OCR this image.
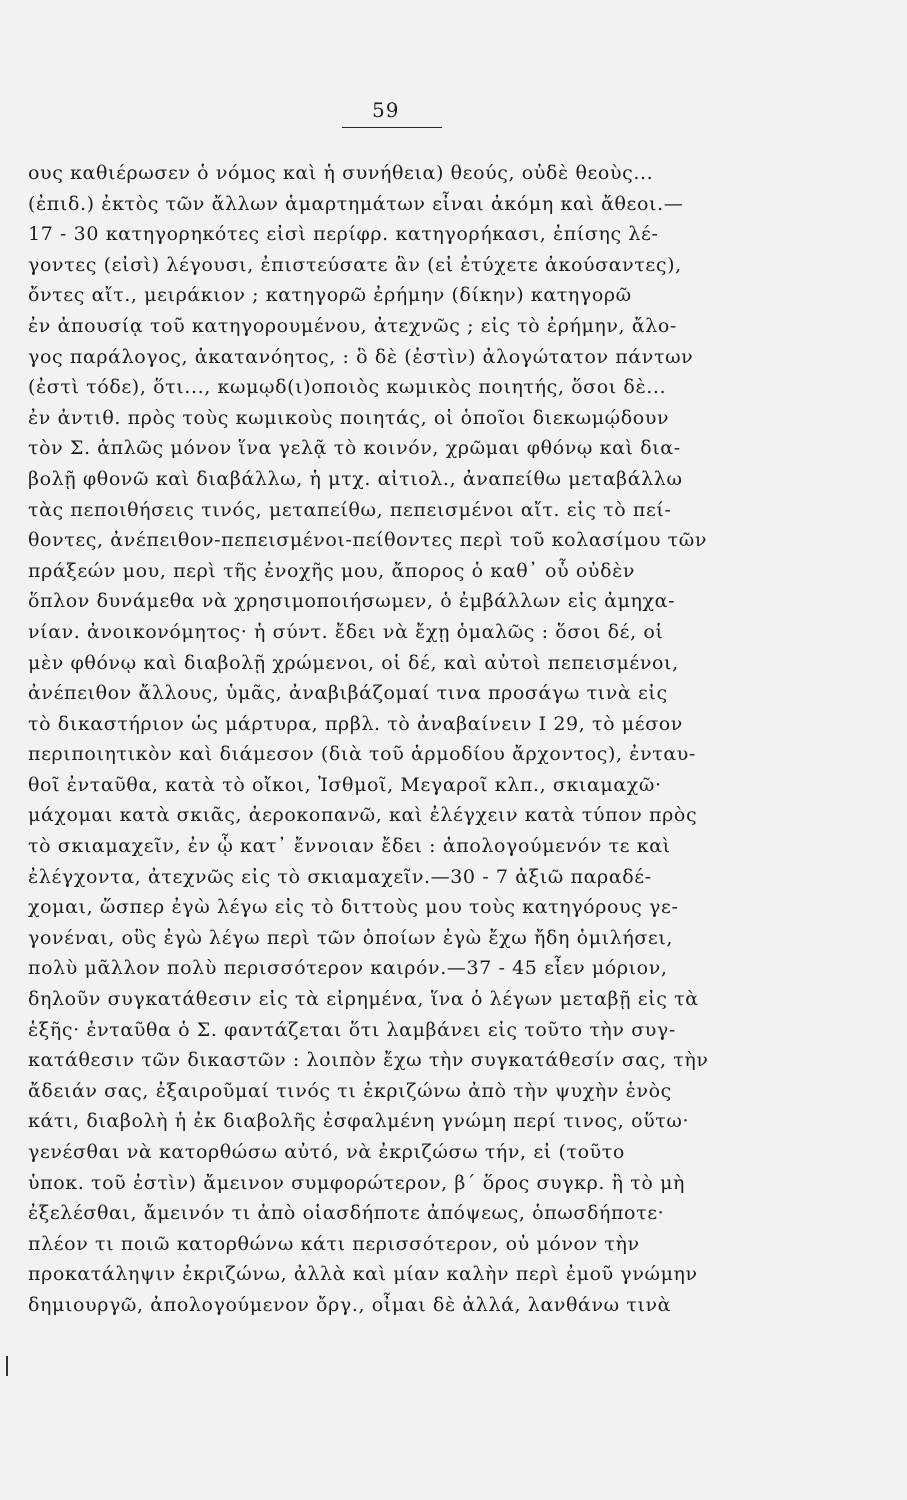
59
ους καθιέρωσεν ὁ νόμος καὶ ἡ συνήθεια) θεούς, οὐδὲ θεοὺς...
(ἐπιδ.) ἐκτὸς τῶν ἄλλων ἁμαρτημάτων εἶναι ἀκόμη καὶ ἄθεοι.—
17 - 30 κατηγορηκότες εἰσὶ περίφρ. κατηγορήκασι, ἐπίσης λέ-
γοντες (εἰσὶ) λέγουσι, ἐπιστεύσατε ἂν (εἰ ἐτύχετε ἀκούσαντες),
ὄντες αἴτ., μειράκιον ; κατηγορῶ ἐρήμην (δίκην) κατηγορῶ
ἐν ἀπουσίᾳ τοῦ κατηγορουμένου, ἀτεχνῶς ; εἰς τὸ ἐρήμην, ἄλο-
γος παράλογος, ἀκατανόητος, : ὃ δὲ (ἐστὶν) ἀλογώτατον πάντων
(ἐστὶ τόδε), ὅτι..., κωμῳδ(ι)οποιὸς κωμικὸς ποιητής, ὅσοι δὲ...
ἐν ἀντιθ. πρὸς τοὺς κωμικοὺς ποιητάς, οἱ ὁποῖοι διεκωμῴδουν
τὸν Σ. ἁπλῶς μόνον ἵνα γελᾷ τὸ κοινόν, χρῶμαι φθόνῳ καὶ δια-
βολῇ φθονῶ καὶ διαβάλλω, ἡ μτχ. αἰτιολ., ἀναπείθω μεταβάλλω
τὰς πεποιθήσεις τινός, μεταπείθω, πεπεισμένοι αἴτ. εἰς τὸ πεί-
θοντες, ἀνέπειθον-πεπεισμένοι-πείθοντες περὶ τοῦ κολασίμου τῶν
πράξεών μου, περὶ τῆς ἐνοχῆς μου, ἄπορος ὁ καθ᾽ οὗ οὐδὲν
ὅπλον δυνάμεθα νὰ χρησιμοποιήσωμεν, ὁ ἐμβάλλων εἰς ἀμηχα-
νίαν. ἀνοικονόμητος· ἡ σύντ. ἔδει νὰ ἔχῃ ὁμαλῶς : ὅσοι δέ, οἱ
μὲν φθόνῳ καὶ διαβολῇ χρώμενοι, οἱ δέ, καὶ αὐτοὶ πεπεισμένοι,
ἀνέπειθον ἄλλους, ὑμᾶς, ἀναβιβάζομαί τινα προσάγω τινὰ εἰς
τὸ δικαστήριον ὡς μάρτυρα, πρβλ. τὸ ἀναβαίνειν Ι 29, τὸ μέσον
περιποιητικὸν καὶ διάμεσον (διὰ τοῦ ἁρμοδίου ἄρχοντος), ἐνταυ-
θοῖ ἐνταῦθα, κατὰ τὸ οἴκοι, Ἰσθμοῖ, Μεγαροῖ κλπ., σκιαμαχῶ·
μάχομαι κατὰ σκιᾶς, ἀεροκοπανῶ, καὶ ἐλέγχειν κατὰ τύπον πρὸς
τὸ σκιαμαχεῖν, ἐν ᾧ κατ᾽ ἔννοιαν ἔδει : ἀπολογούμενόν τε καὶ
ἐλέγχοντα, ἀτεχνῶς εἰς τὸ σκιαμαχεῖν.—30 - 7 ἀξιῶ παραδέ-
χομαι, ὥσπερ ἐγὼ λέγω εἰς τὸ διττοὺς μου τοὺς κατηγόρους γε-
γονέναι, οὓς ἐγὼ λέγω περὶ τῶν ὁποίων ἐγὼ ἔχω ἤδη ὁμιλήσει,
πολὺ μᾶλλον πολὺ περισσότερον καιρόν.—37 - 45 εἶεν μόριον,
δηλοῦν συγκατάθεσιν εἰς τὰ εἰρημένα, ἵνα ὁ λέγων μεταβῇ εἰς τὰ
ἑξῆς· ἐνταῦθα ὁ Σ. φαντάζεται ὅτι λαμβάνει εἰς τοῦτο τὴν συγ-
κατάθεσιν τῶν δικαστῶν : λοιπὸν ἔχω τὴν συγκατάθεσίν σας, τὴν
ἄδειάν σας, ἐξαιροῦμαί τινός τι ἐκριζώνω ἀπὸ τὴν ψυχὴν ἑνὸς
κάτι, διαβολὴ ἡ ἐκ διαβολῆς ἐσφαλμένη γνώμη περί τινος, οὕτω·
γενέσθαι νὰ κατορθώσω αὐτό, νὰ ἐκριζώσω τήν, εἰ (τοῦτο
ὑποκ. τοῦ ἐστὶν) ἄμεινον συμφορώτερον, β΄ ὅρος συγκρ. ἢ τὸ μὴ
ἐξελέσθαι, ἄμεινόν τι ἀπὸ οἱασδήποτε ἀπόψεως, ὁπωσδήποτε·
πλέον τι ποιῶ κατορθώνω κάτι περισσότερον, οὐ μόνον τὴν
προκατάληψιν ἐκριζώνω, ἀλλὰ καὶ μίαν καλὴν περὶ ἐμοῦ γνώμην
δημιουργῶ, ἀπολογούμενον ὄργ., οἶμαι δὲ ἀλλά, λανθάνω τινὰ
